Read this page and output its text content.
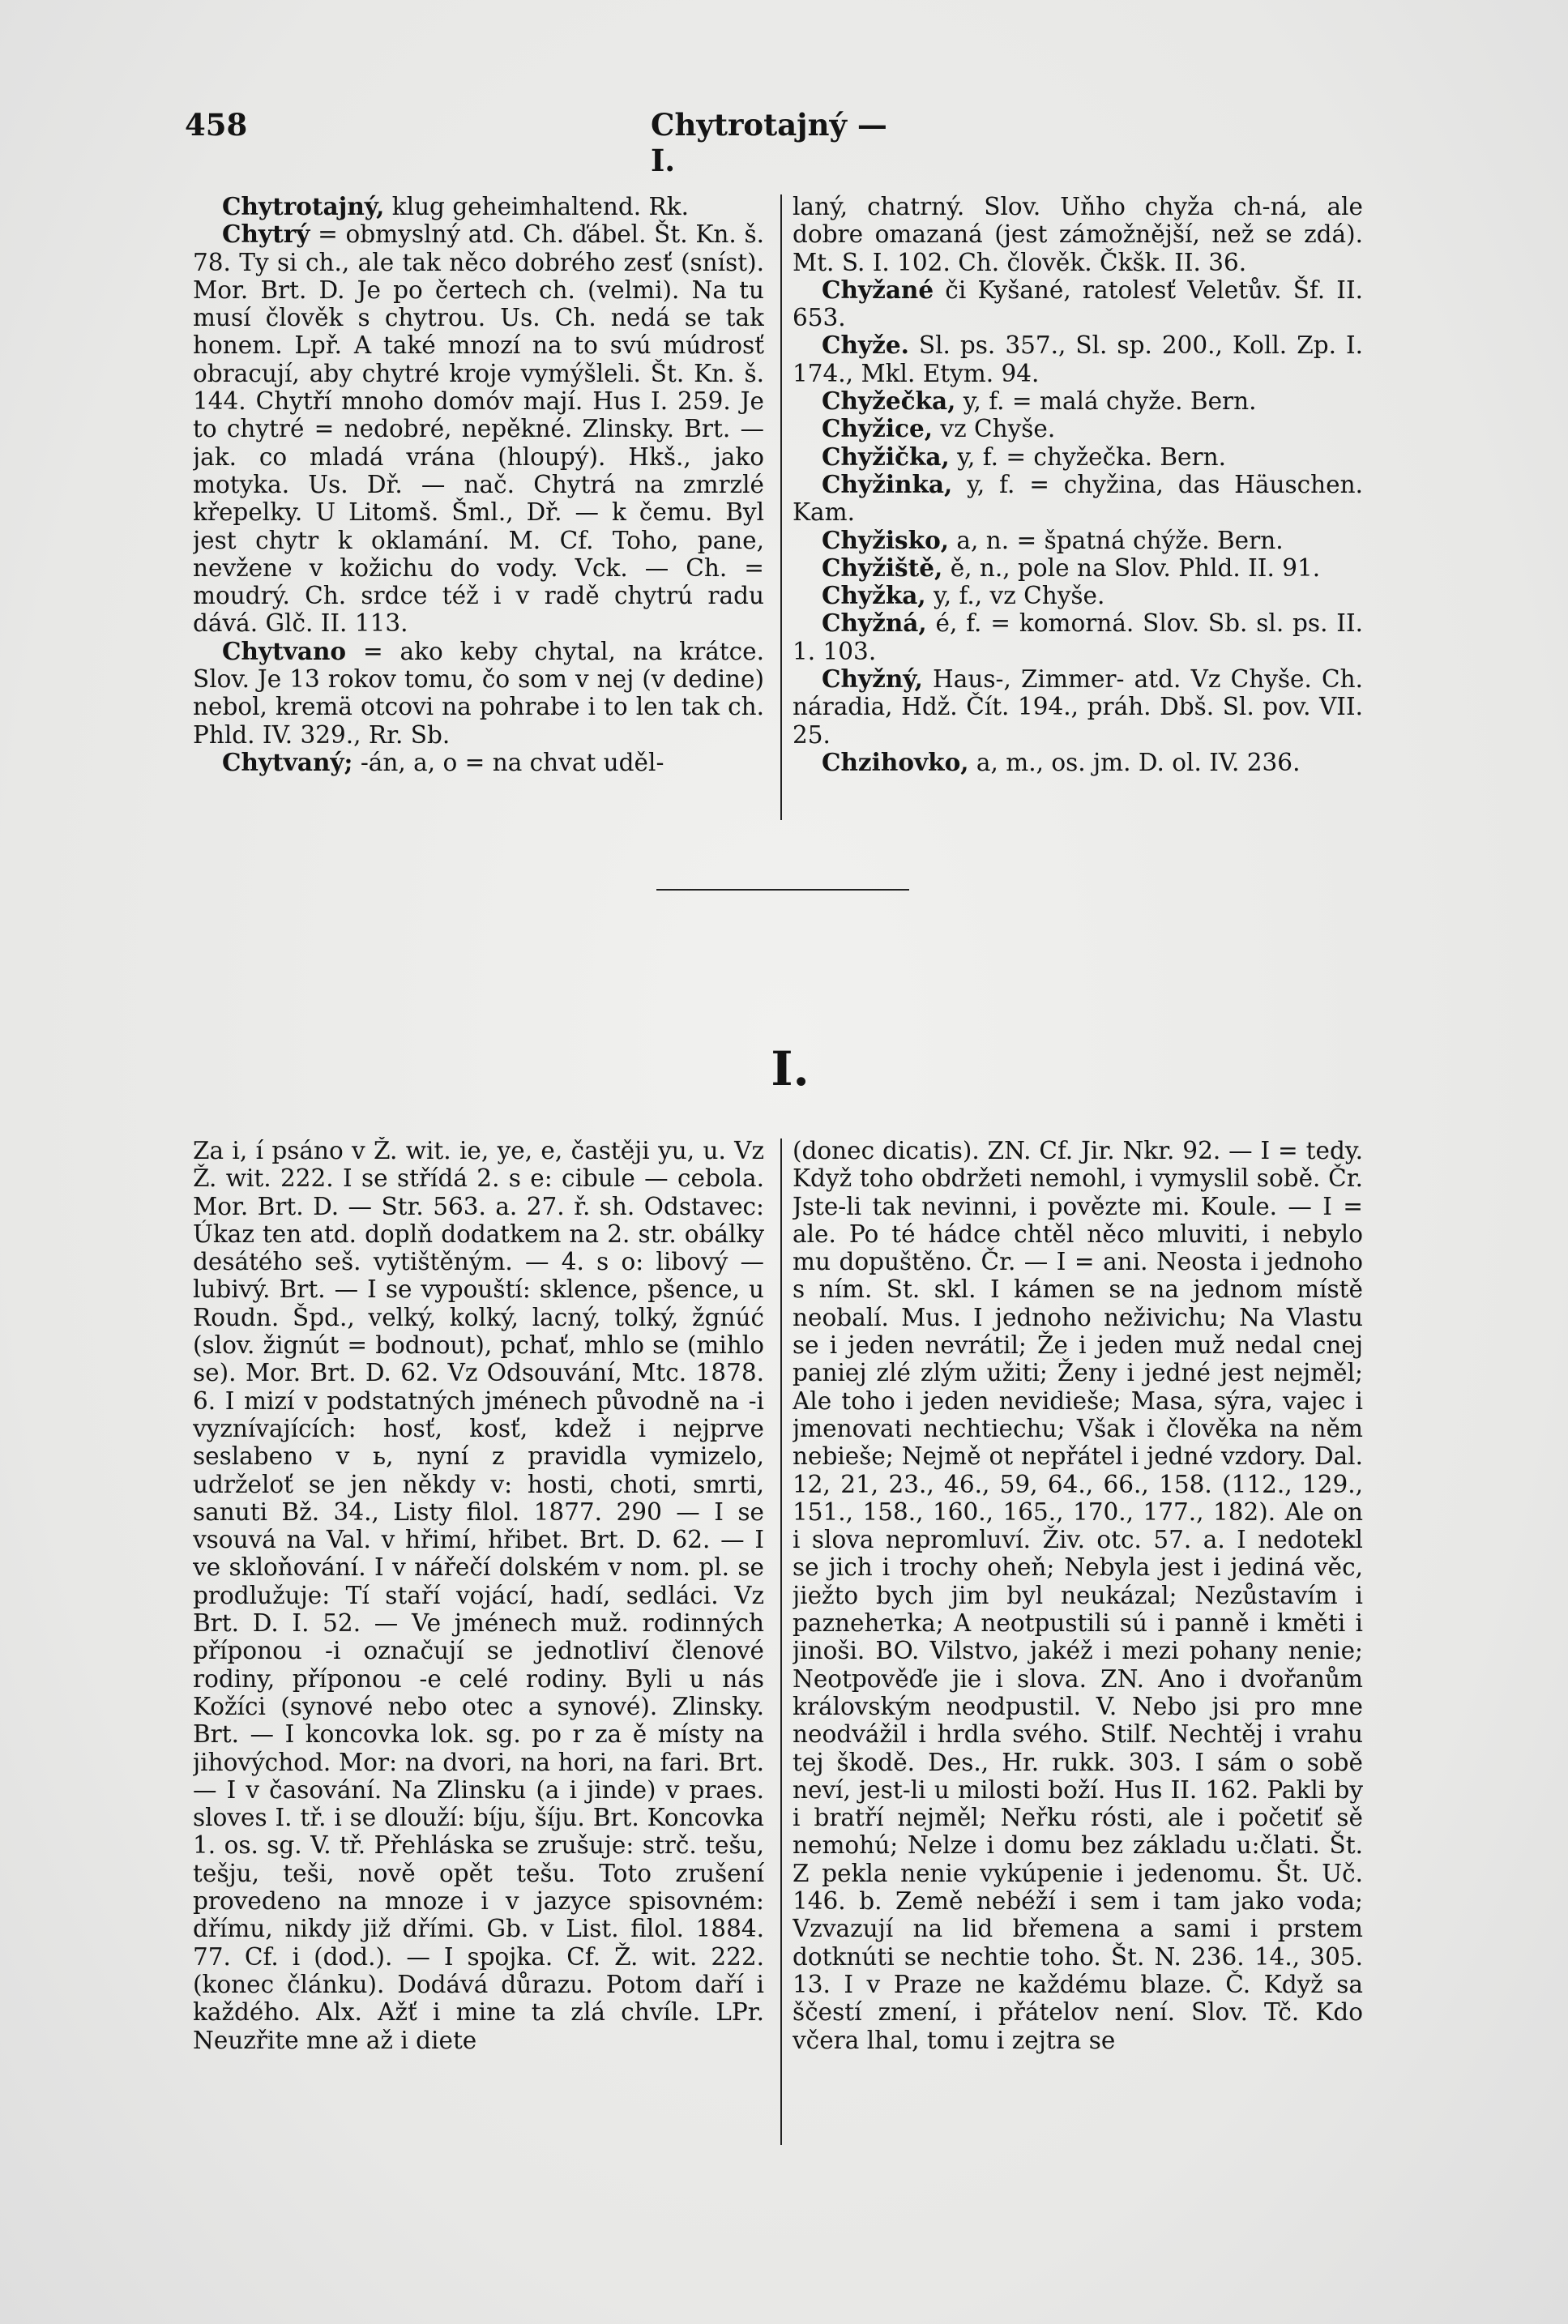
458	Chytrotajný — I.

Chytrotajný, klug geheimhaltend. Rk.

Chytrý = obmyslný atd. Ch. ďábel. Št. Kn. š. 78. Ty si ch., ale tak něco dobrého zesť (sníst). Mor. Brt. D. Je po čertech ch. (velmi). Na tu musí člověk s chytrou. Us. Ch. nedá se tak honem. Lpř. A také mnozí na to svú múdrosť obracují, aby chytré kroje vymýšleli. Št. Kn. š. 144. Chytří mnoho domóv mají. Hus I. 259. Je to chytré = nedobré, nepěkné. Zlinsky. Brt. — jak. co mladá vrána (hloupý). Hkš., jako motyka. Us. Dř. — nač. Chytrá na zmrzlé křepelky. U Litomš. Šml., Dř. — k čemu. Byl jest chytr k oklamání. M. Cf. Toho, pane, nevžene v kožichu do vody. Vck. — Ch. = moudrý. Ch. srdce též i v radě chytrú radu dává. Glč. II. 113.

Chytvano = ako keby chytal, na krátce. Slov. Je 13 rokov tomu, čo som v nej (v dedine) nebol, kremä otcovi na pohrabe i to len tak ch. Phld. IV. 329., Rr. Sb.

Chytvaný; -án, a, o = na chvat uděl-

laný, chatrný. Slov. Uňho chyža ch-ná, ale dobre omazaná (jest zámožnější, než se zdá). Mt. S. I. 102. Ch. člověk. Čkšk. II. 36.

Chyžané či Kyšané, ratolesť Veletův. Šf. II. 653.

Chyže. Sl. ps. 357., Sl. sp. 200., Koll. Zp. I. 174., Mkl. Etym. 94.

Chyžečka, y, f. = malá chyže. Bern.

Chyžice, vz Chyše.

Chyžička, y, f. = chyžečka. Bern.

Chyžinka, y, f. = chyžina, das Häuschen. Kam.

Chyžisko, a, n. = špatná chýže. Bern.

Chyžiště, ě, n., pole na Slov. Phld. II. 91.

Chyžka, y, f., vz Chyše.

Chyžná, é, f. = komorná. Slov. Sb. sl. ps. II. 1. 103.

Chyžný, Haus-, Zimmer- atd. Vz Chyše. Ch. náradia, Hdž. Čít. 194., práh. Dbš. Sl. pov. VII. 25.

Chzihovko, a, m., os. jm. D. ol. IV. 236.

I.

Za i, í psáno v Ž. wit. ie, ye, e, častěji yu, u. Vz Ž. wit. 222. I se střídá 2. s e: cibule — cebola. Mor. Brt. D. — Str. 563. a. 27. ř. sh. Odstavec: Úkaz ten atd. doplň dodatkem na 2. str. obálky desátého seš. vytištěným. — 4. s o: libový — lubivý. Brt. — I se vypouští: sklence, pšence, u Roudn. Špd., velký, kolký, lacný, tolký, žgnúć (slov. žignút = bodnout), pchať, mhlo se (mihlo se). Mor. Brt. D. 62. Vz Odsouvání, Mtc. 1878. 6. I mizí v podstatných jménech původně na -i vyznívajících: hosť, kosť, kdež i nejprve seslabeno v ь, nyní z pravidla vymizelo, udrželoť se jen někdy v: hosti, choti, smrti, sanuti Bž. 34., Listy filol. 1877. 290 — I se vsouvá na Val. v hřimí, hřibet. Brt. D. 62. — I ve skloňování. I v nářečí dolském v nom. pl. se prodlužuje: Tí staří vojácí, hadí, sedláci. Vz Brt. D. I. 52. — Ve jménech muž. rodinných příponou -i označují se jednotliví členové rodiny, příponou -e celé rodiny. Byli u nás Kožíci (synové nebo otec a synové). Zlinsky. Brt. — I koncovka lok. sg. po r za ě místy na jihovýchod. Mor: na dvori, na hori, na fari. Brt. — I v časování. Na Zlinsku (a i jinde) v praes. sloves I. tř. i se dlouží: bíju, šíju. Brt. Koncovka 1. os. sg. V. tř. Přehláska se zrušuje: strč. tešu, tešju, teši, nově opět tešu. Toto zrušení provedeno na mnoze i v jazyce spisovném: dřímu, nikdy již dřími. Gb. v List. filol. 1884. 77. Cf. i (dod.). — I spojka. Cf. Ž. wit. 222. (konec článku). Dodává důrazu. Potom daří i každého. Alx. Ažť i mine ta zlá chvíle. LPr. Neuzřite mne až i diete

(donec dicatis). ZN. Cf. Jir. Nkr. 92. — I = tedy. Když toho obdržeti nemohl, i vymyslil sobě. Čr. Jste-li tak nevinni, i povězte mi. Koule. — I = ale. Po té hádce chtěl něco mluviti, i nebylo mu dopuštěno. Čr. — I = ani. Neosta i jednoho s ním. St. skl. I kámen se na jednom místě neobalí. Mus. I jednoho neživichu; Na Vlastu se i jeden nevrátil; Že i jeden muž nedal cnej paniej zlé zlým užiti; Ženy i jedné jest nejměl; Ale toho i jeden nevidieše; Masa, sýra, vajec i jmenovati nechtiechu; Však i člověka na něm nebieše; Nejmě ot nepřátel i jedné vzdory. Dal. 12, 21, 23., 46., 59, 64., 66., 158. (112., 129., 151., 158., 160., 165., 170., 177., 182). Ale on i slova nepromluví. Živ. otc. 57. a. I nedotekl se jich i trochy oheň; Nebyla jest i jediná věc, jiežto bych jim byl neukázal; Nezůstavím i pazneheтka; A neotpustili sú i panně i kměti i jinoši. BO. Vilstvo, jakéž i mezi pohany nenie; Neotpověďe jie i slova. ZN. Ano i dvořanům královským neodpustil. V. Nebo jsi pro mne neodvážil i hrdla svého. Stilf. Nechtěj i vrahu tej škodě. Des., Hr. rukk. 303. I sám o sobě neví, jest-li u milosti boží. Hus II. 162. Pakli by i bratří nejměl; Neřku rósti, ale i početiť sě nemohú; Nelze i domu bez základu u:člati. Št. Z pekla nenie vykúpenie i jedenomu. Št. Uč. 146. b. Země nebéží i sem i tam jako voda; Vzvazují na lid břemena a sami i prstem dotknúti se nechtie toho. Št. N. 236. 14., 305. 13. I v Praze ne každému blaze. Č. Když sa ščestí zmení, i přátelov není. Slov. Tč. Kdo včera lhal, tomu i zejtra se
